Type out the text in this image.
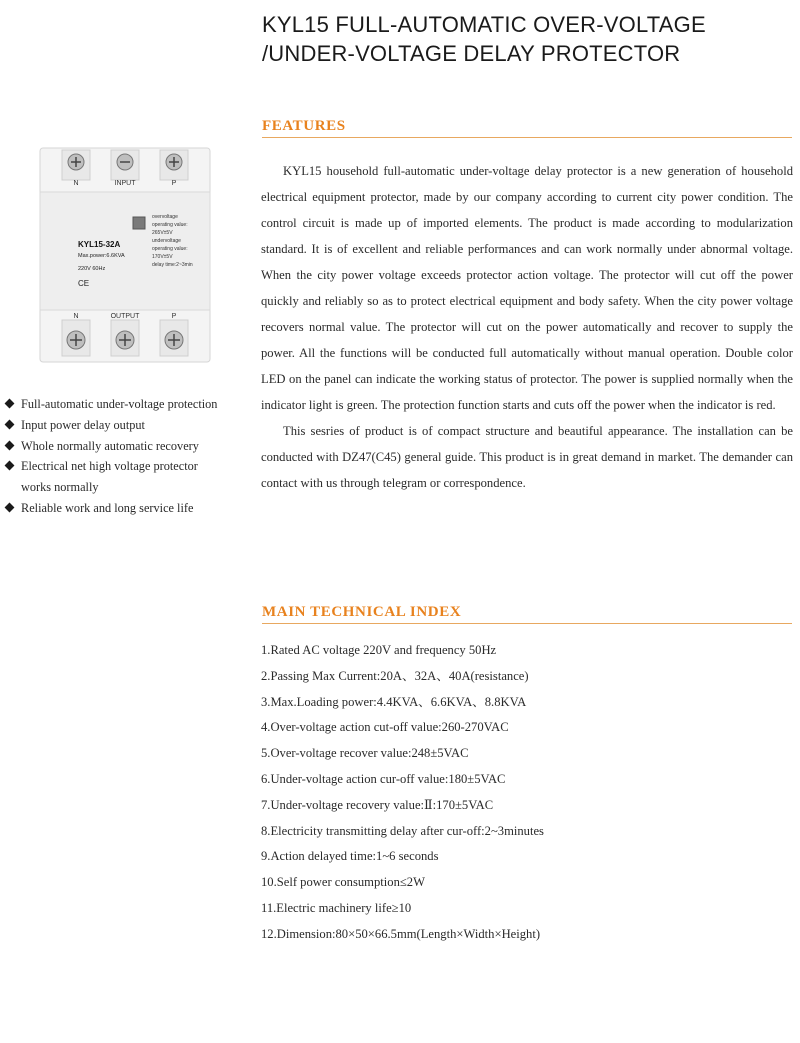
KYL15 FULL-AUTOMATIC OVER-VOLTAGE
/UNDER-VOLTAGE DELAY PROTECTOR
FEATURES

KYL15 household full-automatic under-voltage delay protector is a new generation of household electrical equipment protector, made by our company according to current city power condition. The control circuit is made up of imported elements. The product is made according to modularization standard. It is of excellent and reliable performances and can work normally under abnormal voltage. When the city power voltage exceeds protector action voltage. The protector will cut off the power quickly and reliably so as to protect electrical equipment and body safety. When the city power voltage recovers normal value. The protector will cut on the power automatically and recover to supply the power. All the functions will be conducted full automatically without manual operation. Double color LED on the panel can indicate the working status of protector. The power is supplied normally when the indicator light is green. The protection function starts and cuts off the power when the indicator is red.

This sesries of product is of compact structure and beautiful appearance. The installation can be conducted with DZ47(C45) general guide. This product is in great demand in market. The demander can contact with us through telegram or correspondence.

N	INPUT	P
KYL15-32A
Max.power:6.6KVA
220V 60Hz
CE
overvoltage
operating value:
265V±5V
undervoltage
operating value:
170V±5V
delay time:2~3min
N	OUTPUT	P
Full-automatic under-voltage protection
Input power delay output
Whole normally automatic recovery
Electrical net high voltage protector works normally
Reliable work and long service life
MAIN TECHNICAL INDEX
1.Rated AC voltage 220V and frequency 50Hz
2.Passing Max Current:20A、32A、40A(resistance)
3.Max.Loading power:4.4KVA、6.6KVA、8.8KVA
4.Over-voltage action cut-off value:260-270VAC
5.Over-voltage recover value:248±5VAC
6.Under-voltage action cur-off value:180±5VAC
7.Under-voltage recovery value:Ⅱ:170±5VAC
8.Electricity transmitting delay after cur-off:2~3minutes
9.Action delayed time:1~6 seconds
10.Self power consumption≤2W
11.Electric machinery life≥10
12.Dimension:80×50×66.5mm(Length×Width×Height)
